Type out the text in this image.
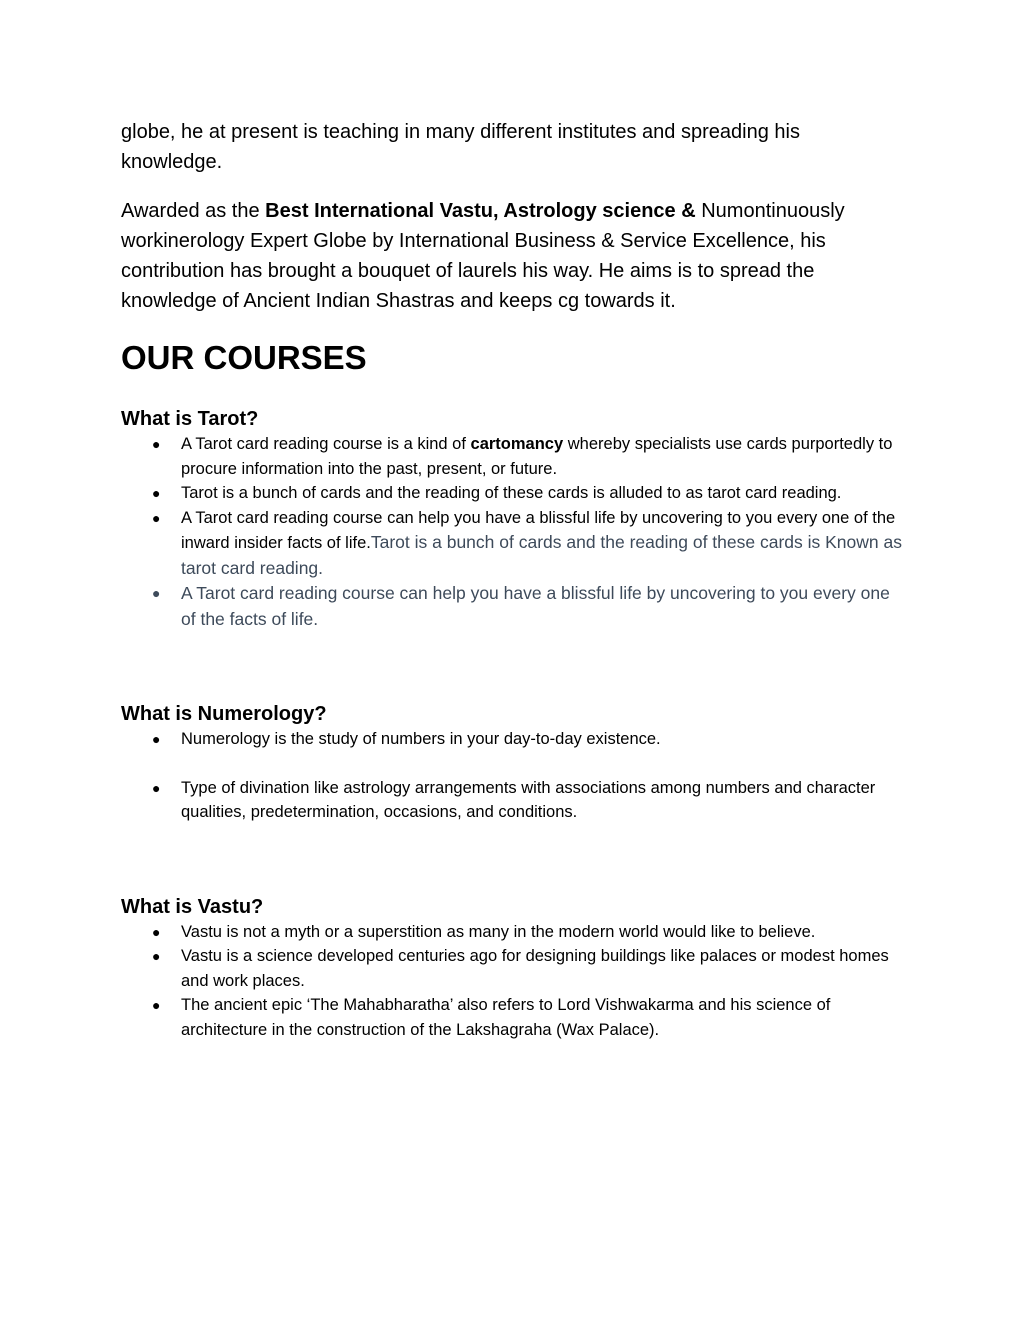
globe, he at present is teaching in many different institutes and spreading his knowledge.

Awarded as the Best International Vastu, Astrology science & Numontinuously workinerology Expert Globe by International Business & Service Excellence, his contribution has brought a bouquet of laurels his way. He aims is to spread the knowledge of Ancient Indian Shastras and keeps cg towards it.

OUR COURSES
What is Tarot?
● A Tarot card reading course is a kind of cartomancy whereby specialists use cards purportedly to procure information into the past, present, or future.
● Tarot is a bunch of cards and the reading of these cards is alluded to as tarot card reading.
● A Tarot card reading course can help you have a blissful life by uncovering to you every one of the inward insider facts of life.Tarot is a bunch of cards and the reading of these cards is Known as tarot card reading.
● A Tarot card reading course can help you have a blissful life by uncovering to you every one of the facts of life.
What is Numerology?
● Numerology is the study of numbers in your day-to-day existence.
● Type of divination like astrology arrangements with associations among numbers and character qualities, predetermination, occasions, and conditions.
What is Vastu?
● Vastu is not a myth or a superstition as many in the modern world would like to believe.
● Vastu is a science developed centuries ago for designing buildings like palaces or modest homes and work places.
● The ancient epic ‘The Mahabharatha’ also refers to Lord Vishwakarma and his science of architecture in the construction of the Lakshagraha (Wax Palace).
